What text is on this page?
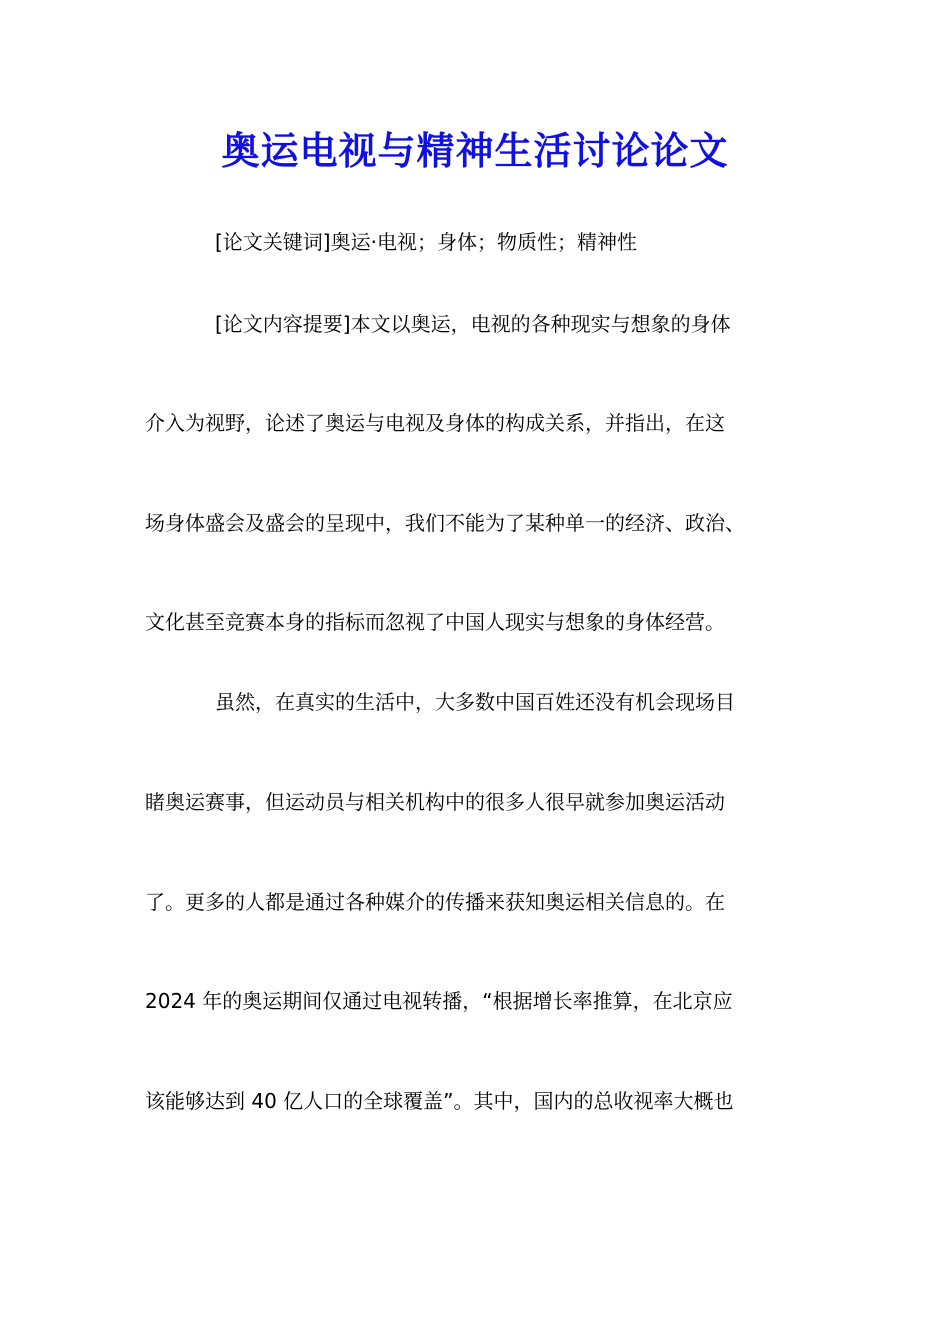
奥运电视与精神生活讨论论文
[论文关键词]奥运·电视；身体；物质性；精神性
[论文内容提要]本文以奥运，电视的各种现实与想象的身体
介入为视野，论述了奥运与电视及身体的构成关系，并指出，在这
场身体盛会及盛会的呈现中，我们不能为了某种单一的经济、政治、
文化甚至竞赛本身的指标而忽视了中国人现实与想象的身体经营。
虽然，在真实的生活中，大多数中国百姓还没有机会现场目
睹奥运赛事，但运动员与相关机构中的很多人很早就参加奥运活动
了。更多的人都是通过各种媒介的传播来获知奥运相关信息的。在
2024 年的奥运期间仅通过电视转播，“根据增长率推算，在北京应
该能够达到 40 亿人口的全球覆盖”。其中，国内的总收视率大概也
